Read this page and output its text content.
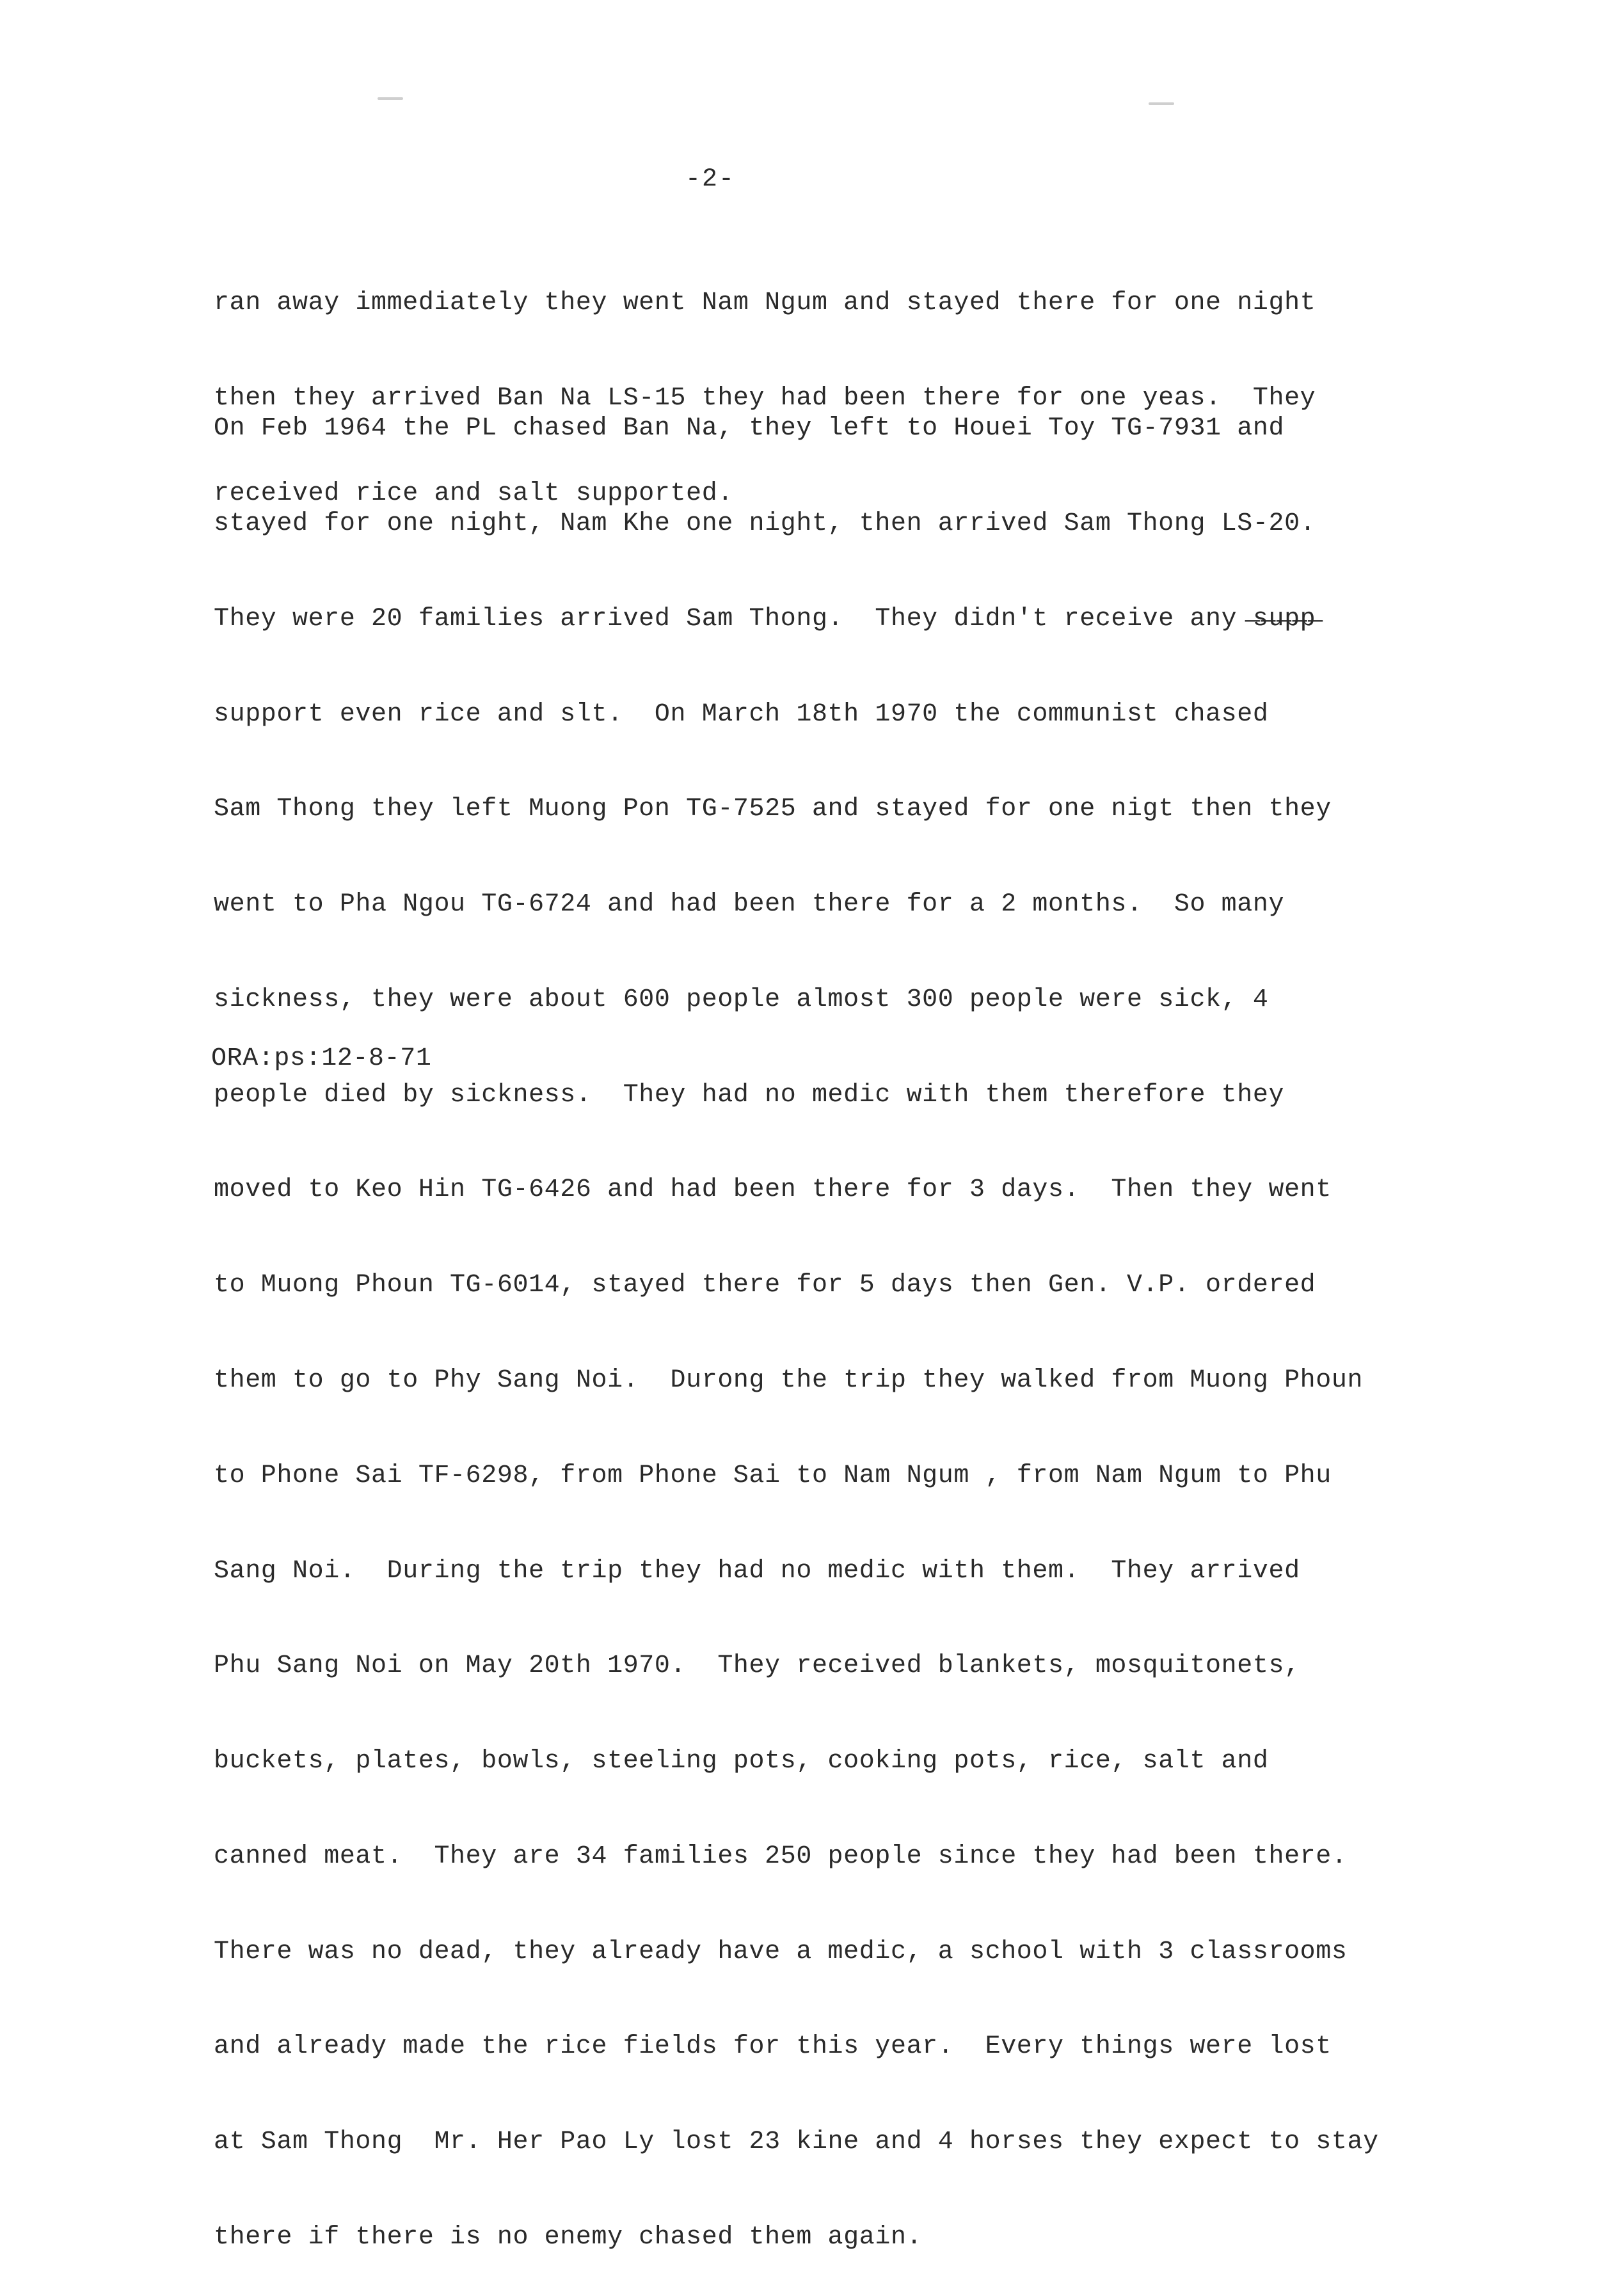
-2-

ran away immediately they went Nam Ngum and stayed there for one night

then they arrived Ban Na LS-15 they had been there for one yeas.  They

received rice and salt supported.

On Feb 1964 the PL chased Ban Na, they left to Houei Toy TG-7931 and

stayed for one night, Nam Khe one night, then arrived Sam Thong LS-20.

They were 20 families arrived Sam Thong.  They didn't receive any ̶s̶u̶p̶p̶

support even rice and slt.  On March 18th 1970 the communist chased

Sam Thong they left Muong Pon TG-7525 and stayed for one nigt then they

went to Pha Ngou TG-6724 and had been there for a 2 months.  So many

sickness, they were about 600 people almost 300 people were sick, 4

people died by sickness.  They had no medic with them therefore they

moved to Keo Hin TG-6426 and had been there for 3 days.  Then they went

to Muong Phoun TG-6014, stayed there for 5 days then Gen. V.P. ordered

them to go to Phy Sang Noi.  Durong the trip they walked from Muong Phoun

to Phone Sai TF-6298, from Phone Sai to Nam Ngum , from Nam Ngum to Phu

Sang Noi.  During the trip they had no medic with them.  They arrived

Phu Sang Noi on May 20th 1970.  They received blankets, mosquitonets,

buckets, plates, bowls, steeling pots, cooking pots, rice, salt and

canned meat.  They are 34 families 250 people since they had been there.

There was no dead, they already have a medic, a school with 3 classrooms

and already made the rice fields for this year.  Every things were lost

at Sam Thong  Mr. Her Pao Ly lost 23 kine and 4 horses they expect to stay

there if there is no enemy chased them again.

ORA:ps:12-8-71
